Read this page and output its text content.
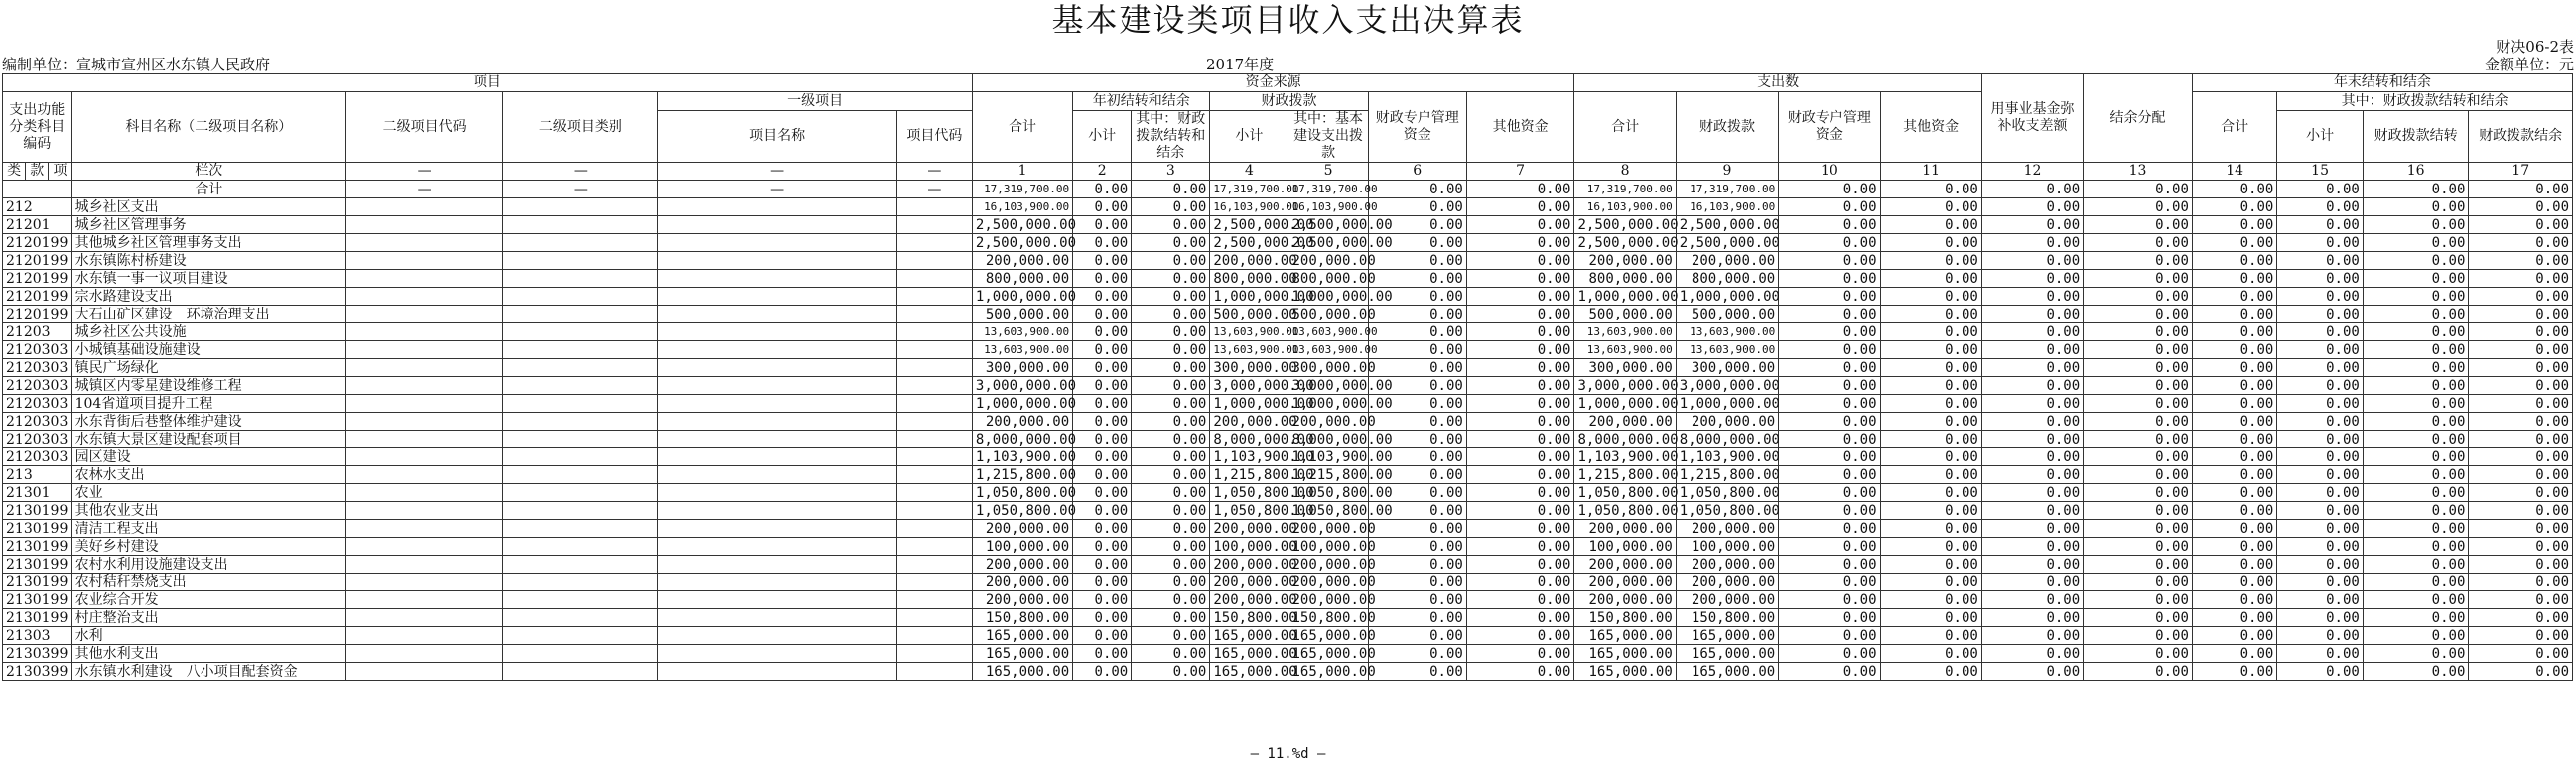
基本建设类项目收入支出决算表
编制单位：宣城市宣州区水东镇人民政府	2017年度
财决06-2表
金额单位：元
项目								资金来源							支出数				用事业基金弥补收支差额	结余分配	年末结转和结余			
支出功能分类科目编码			科目名称（二级项目名称）	二级项目代码	二级项目类别	一级项目		合计	年初结转和结余		财政拨款		财政专户管理资金	其他资金	合计	财政拨款	财政专户管理资金	其他资金			合计	其中：财政拨款结转和结余		
						项目名称	项目代码		小计	其中：财政拨款结转和结余	小计	其中：基本建设支出拨款										小计	财政拨款结转	财政拨款结余
类	款	项	栏次	—	—	—	—	1	2	3	4	5	6	7	8	9	10	11	12	13	14	15	16	17
			合计	—	—	—	—	17,319,700.00	0.00	0.00	17,319,700.00	17,319,700.00	0.00	0.00	17,319,700.00	17,319,700.00	0.00	0.00	0.00	0.00	0.00	0.00	0.00	0.00
212			城乡社区支出					16,103,900.00	0.00	0.00	16,103,900.00	16,103,900.00	0.00	0.00	16,103,900.00	16,103,900.00	0.00	0.00	0.00	0.00	0.00	0.00	0.00	0.00
21201			城乡社区管理事务					2,500,000.00	0.00	0.00	2,500,000.00	2,500,000.00	0.00	0.00	2,500,000.00	2,500,000.00	0.00	0.00	0.00	0.00	0.00	0.00	0.00	0.00
2120199			其他城乡社区管理事务支出					2,500,000.00	0.00	0.00	2,500,000.00	2,500,000.00	0.00	0.00	2,500,000.00	2,500,000.00	0.00	0.00	0.00	0.00	0.00	0.00	0.00	0.00
2120199			水东镇陈村桥建设					200,000.00	0.00	0.00	200,000.00	200,000.00	0.00	0.00	200,000.00	200,000.00	0.00	0.00	0.00	0.00	0.00	0.00	0.00	0.00
2120199			水东镇一事一议项目建设					800,000.00	0.00	0.00	800,000.00	800,000.00	0.00	0.00	800,000.00	800,000.00	0.00	0.00	0.00	0.00	0.00	0.00	0.00	0.00
2120199			宗水路建设支出					1,000,000.00	0.00	0.00	1,000,000.00	1,000,000.00	0.00	0.00	1,000,000.00	1,000,000.00	0.00	0.00	0.00	0.00	0.00	0.00	0.00	0.00
2120199			大石山矿区建设　环境治理支出					500,000.00	0.00	0.00	500,000.00	500,000.00	0.00	0.00	500,000.00	500,000.00	0.00	0.00	0.00	0.00	0.00	0.00	0.00	0.00
21203			城乡社区公共设施					13,603,900.00	0.00	0.00	13,603,900.00	13,603,900.00	0.00	0.00	13,603,900.00	13,603,900.00	0.00	0.00	0.00	0.00	0.00	0.00	0.00	0.00
2120303			小城镇基础设施建设					13,603,900.00	0.00	0.00	13,603,900.00	13,603,900.00	0.00	0.00	13,603,900.00	13,603,900.00	0.00	0.00	0.00	0.00	0.00	0.00	0.00	0.00
2120303			镇民广场绿化					300,000.00	0.00	0.00	300,000.00	300,000.00	0.00	0.00	300,000.00	300,000.00	0.00	0.00	0.00	0.00	0.00	0.00	0.00	0.00
2120303			城镇区内零星建设维修工程					3,000,000.00	0.00	0.00	3,000,000.00	3,000,000.00	0.00	0.00	3,000,000.00	3,000,000.00	0.00	0.00	0.00	0.00	0.00	0.00	0.00	0.00
2120303			104省道项目提升工程					1,000,000.00	0.00	0.00	1,000,000.00	1,000,000.00	0.00	0.00	1,000,000.00	1,000,000.00	0.00	0.00	0.00	0.00	0.00	0.00	0.00	0.00
2120303			水东背街后巷整体维护建设					200,000.00	0.00	0.00	200,000.00	200,000.00	0.00	0.00	200,000.00	200,000.00	0.00	0.00	0.00	0.00	0.00	0.00	0.00	0.00
2120303			水东镇大景区建设配套项目					8,000,000.00	0.00	0.00	8,000,000.00	8,000,000.00	0.00	0.00	8,000,000.00	8,000,000.00	0.00	0.00	0.00	0.00	0.00	0.00	0.00	0.00
2120303			园区建设					1,103,900.00	0.00	0.00	1,103,900.00	1,103,900.00	0.00	0.00	1,103,900.00	1,103,900.00	0.00	0.00	0.00	0.00	0.00	0.00	0.00	0.00
213			农林水支出					1,215,800.00	0.00	0.00	1,215,800.00	1,215,800.00	0.00	0.00	1,215,800.00	1,215,800.00	0.00	0.00	0.00	0.00	0.00	0.00	0.00	0.00
21301			农业					1,050,800.00	0.00	0.00	1,050,800.00	1,050,800.00	0.00	0.00	1,050,800.00	1,050,800.00	0.00	0.00	0.00	0.00	0.00	0.00	0.00	0.00
2130199			其他农业支出					1,050,800.00	0.00	0.00	1,050,800.00	1,050,800.00	0.00	0.00	1,050,800.00	1,050,800.00	0.00	0.00	0.00	0.00	0.00	0.00	0.00	0.00
2130199			清洁工程支出					200,000.00	0.00	0.00	200,000.00	200,000.00	0.00	0.00	200,000.00	200,000.00	0.00	0.00	0.00	0.00	0.00	0.00	0.00	0.00
2130199			美好乡村建设					100,000.00	0.00	0.00	100,000.00	100,000.00	0.00	0.00	100,000.00	100,000.00	0.00	0.00	0.00	0.00	0.00	0.00	0.00	0.00
2130199			农村水利用设施建设支出					200,000.00	0.00	0.00	200,000.00	200,000.00	0.00	0.00	200,000.00	200,000.00	0.00	0.00	0.00	0.00	0.00	0.00	0.00	0.00
2130199			农村秸秆禁烧支出					200,000.00	0.00	0.00	200,000.00	200,000.00	0.00	0.00	200,000.00	200,000.00	0.00	0.00	0.00	0.00	0.00	0.00	0.00	0.00
2130199			农业综合开发					200,000.00	0.00	0.00	200,000.00	200,000.00	0.00	0.00	200,000.00	200,000.00	0.00	0.00	0.00	0.00	0.00	0.00	0.00	0.00
2130199			村庄整治支出					150,800.00	0.00	0.00	150,800.00	150,800.00	0.00	0.00	150,800.00	150,800.00	0.00	0.00	0.00	0.00	0.00	0.00	0.00	0.00
21303			水利					165,000.00	0.00	0.00	165,000.00	165,000.00	0.00	0.00	165,000.00	165,000.00	0.00	0.00	0.00	0.00	0.00	0.00	0.00	0.00
2130399			其他水利支出					165,000.00	0.00	0.00	165,000.00	165,000.00	0.00	0.00	165,000.00	165,000.00	0.00	0.00	0.00	0.00	0.00	0.00	0.00	0.00
2130399			水东镇水利建设　八小项目配套资金					165,000.00	0.00	0.00	165,000.00	165,000.00	0.00	0.00	165,000.00	165,000.00	0.00	0.00	0.00	0.00	0.00	0.00	0.00	0.00
— 11.%d —
